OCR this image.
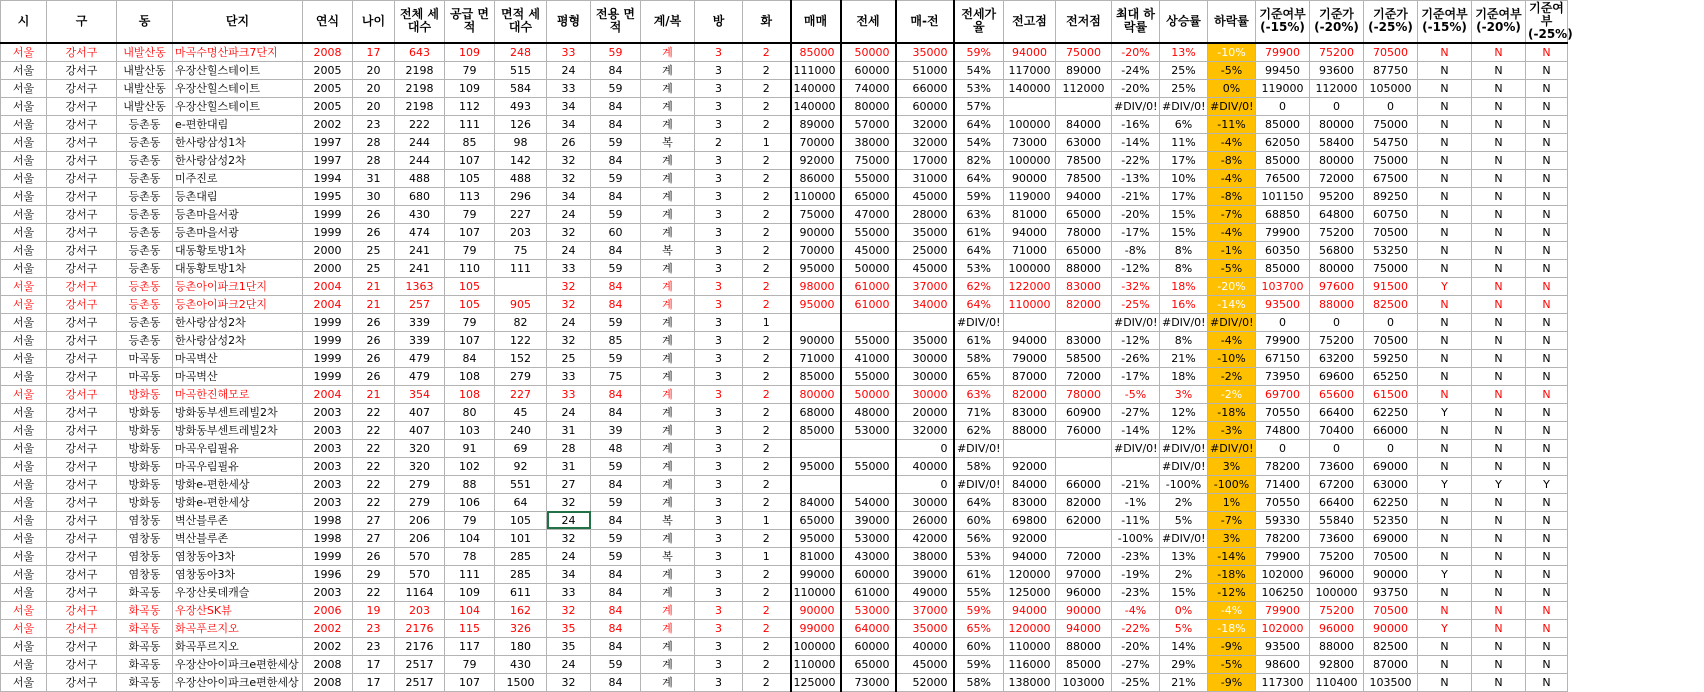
시	구	동	단지	연식	나이	전체 세대수	공급 면적	면적 세대수	평형	전용 면적	계/복	방	화	매매	전세	매-전	전세가율	전고점	전저점	최대 하락률	상승률	하락률	기준여부 (-15%)	기준가 (-20%)	기준가 (-25%)	기준여부 (-15%)	기준여부 (-20%)	기준여부 (-25%)
서울	강서구	내발산동	마곡수명산파크7단지	2008	17	643	109	248	33	59	계	3	2	85000	50000	35000	59%	94000	75000	-20%	13%	-10%	79900	75200	70500	N	N	N
서울	강서구	내발산동	우장산힐스테이트	2005	20	2198	79	515	24	84	계	3	2	111000	60000	51000	54%	117000	89000	-24%	25%	-5%	99450	93600	87750	N	N	N
서울	강서구	내발산동	우장산힐스테이트	2005	20	2198	109	584	33	59	계	3	2	140000	74000	66000	53%	140000	112000	-20%	25%	0%	119000	112000	105000	N	N	N
서울	강서구	내발산동	우장산힐스테이트	2005	20	2198	112	493	34	84	계	3	2	140000	80000	60000	57%			#DIV/0!	#DIV/0!	#DIV/0!	0	0	0	N	N	N
서울	강서구	등촌동	e-편한대림	2002	23	222	111	126	34	84	계	3	2	89000	57000	32000	64%	100000	84000	-16%	6%	-11%	85000	80000	75000	N	N	N
서울	강서구	등촌동	한사랑삼성1차	1997	28	244	85	98	26	59	복	2	1	70000	38000	32000	54%	73000	63000	-14%	11%	-4%	62050	58400	54750	N	N	N
서울	강서구	등촌동	한사랑삼성2차	1997	28	244	107	142	32	84	계	3	2	92000	75000	17000	82%	100000	78500	-22%	17%	-8%	85000	80000	75000	N	N	N
서울	강서구	등촌동	미주진로	1994	31	488	105	488	32	59	계	3	2	86000	55000	31000	64%	90000	78500	-13%	10%	-4%	76500	72000	67500	N	N	N
서울	강서구	등촌동	등촌대림	1995	30	680	113	296	34	84	계	3	2	110000	65000	45000	59%	119000	94000	-21%	17%	-8%	101150	95200	89250	N	N	N
서울	강서구	등촌동	등촌마을서광	1999	26	430	79	227	24	59	계	3	2	75000	47000	28000	63%	81000	65000	-20%	15%	-7%	68850	64800	60750	N	N	N
서울	강서구	등촌동	등촌마을서광	1999	26	474	107	203	32	60	계	3	2	90000	55000	35000	61%	94000	78000	-17%	15%	-4%	79900	75200	70500	N	N	N
서울	강서구	등촌동	대동황토방1차	2000	25	241	79	75	24	84	복	3	2	70000	45000	25000	64%	71000	65000	-8%	8%	-1%	60350	56800	53250	N	N	N
서울	강서구	등촌동	대동황토방1차	2000	25	241	110	111	33	59	계	3	2	95000	50000	45000	53%	100000	88000	-12%	8%	-5%	85000	80000	75000	N	N	N
서울	강서구	등촌동	등촌아이파크1단지	2004	21	1363	105		32	84	계	3	2	98000	61000	37000	62%	122000	83000	-32%	18%	-20%	103700	97600	91500	Y	N	N
서울	강서구	등촌동	등촌아이파크2단지	2004	21	257	105	905	32	84	계	3	2	95000	61000	34000	64%	110000	82000	-25%	16%	-14%	93500	88000	82500	N	N	N
서울	강서구	등촌동	한사랑삼성2차	1999	26	339	79	82	24	59	계	3	1				#DIV/0!			#DIV/0!	#DIV/0!	#DIV/0!	0	0	0	N	N	N
서울	강서구	등촌동	한사랑삼성2차	1999	26	339	107	122	32	85	계	3	2	90000	55000	35000	61%	94000	83000	-12%	8%	-4%	79900	75200	70500	N	N	N
서울	강서구	마곡동	마곡벽산	1999	26	479	84	152	25	59	계	3	2	71000	41000	30000	58%	79000	58500	-26%	21%	-10%	67150	63200	59250	N	N	N
서울	강서구	마곡동	마곡벽산	1999	26	479	108	279	33	75	계	3	2	85000	55000	30000	65%	87000	72000	-17%	18%	-2%	73950	69600	65250	N	N	N
서울	강서구	방화동	마곡한진해모로	2004	21	354	108	227	33	84	계	3	2	80000	50000	30000	63%	82000	78000	-5%	3%	-2%	69700	65600	61500	N	N	N
서울	강서구	방화동	방화동부센트레빌2차	2003	22	407	80	45	24	84	계	3	2	68000	48000	20000	71%	83000	60900	-27%	12%	-18%	70550	66400	62250	Y	N	N
서울	강서구	방화동	방화동부센트레빌2차	2003	22	407	103	240	31	39	계	3	2	85000	53000	32000	62%	88000	76000	-14%	12%	-3%	74800	70400	66000	N	N	N
서울	강서구	방화동	마곡우림필유	2003	22	320	91	69	28	48	계	3	2			0	#DIV/0!			#DIV/0!	#DIV/0!	#DIV/0!	0	0	0	N	N	N
서울	강서구	방화동	마곡우림필유	2003	22	320	102	92	31	59	계	3	2	95000	55000	40000	58%	92000			#DIV/0!	3%	78200	73600	69000	N	N	N
서울	강서구	방화동	방화e-편한세상	2003	22	279	88	551	27	84	계	3	2			0	#DIV/0!	84000	66000	-21%	-100%	-100%	71400	67200	63000	Y	Y	Y
서울	강서구	방화동	방화e-편한세상	2003	22	279	106	64	32	59	계	3	2	84000	54000	30000	64%	83000	82000	-1%	2%	1%	70550	66400	62250	N	N	N
서울	강서구	염창동	벽산블루존	1998	27	206	79	105	24	84	복	3	1	65000	39000	26000	60%	69800	62000	-11%	5%	-7%	59330	55840	52350	N	N	N
서울	강서구	염창동	벽산블루존	1998	27	206	104	101	32	59	계	3	2	95000	53000	42000	56%	92000		-100%	#DIV/0!	3%	78200	73600	69000	N	N	N
서울	강서구	염창동	염창동아3차	1999	26	570	78	285	24	59	복	3	1	81000	43000	38000	53%	94000	72000	-23%	13%	-14%	79900	75200	70500	N	N	N
서울	강서구	염창동	염창동아3차	1996	29	570	111	285	34	84	계	3	2	99000	60000	39000	61%	120000	97000	-19%	2%	-18%	102000	96000	90000	Y	N	N
서울	강서구	화곡동	우장산롯데캐슬	2003	22	1164	109	611	33	84	계	3	2	110000	61000	49000	55%	125000	96000	-23%	15%	-12%	106250	100000	93750	N	N	N
서울	강서구	화곡동	우장산SK뷰	2006	19	203	104	162	32	84	계	3	2	90000	53000	37000	59%	94000	90000	-4%	0%	-4%	79900	75200	70500	N	N	N
서울	강서구	화곡동	화곡푸르지오	2002	23	2176	115	326	35	84	계	3	2	99000	64000	35000	65%	120000	94000	-22%	5%	-18%	102000	96000	90000	Y	N	N
서울	강서구	화곡동	화곡푸르지오	2002	23	2176	117	180	35	84	계	3	2	100000	60000	40000	60%	110000	88000	-20%	14%	-9%	93500	88000	82500	N	N	N
서울	강서구	화곡동	우장산아이파크e편한세상	2008	17	2517	79	430	24	59	계	3	2	110000	65000	45000	59%	116000	85000	-27%	29%	-5%	98600	92800	87000	N	N	N
서울	강서구	화곡동	우장산아이파크e편한세상	2008	17	2517	107	1500	32	84	계	3	2	125000	73000	52000	58%	138000	103000	-25%	21%	-9%	117300	110400	103500	N	N	N
